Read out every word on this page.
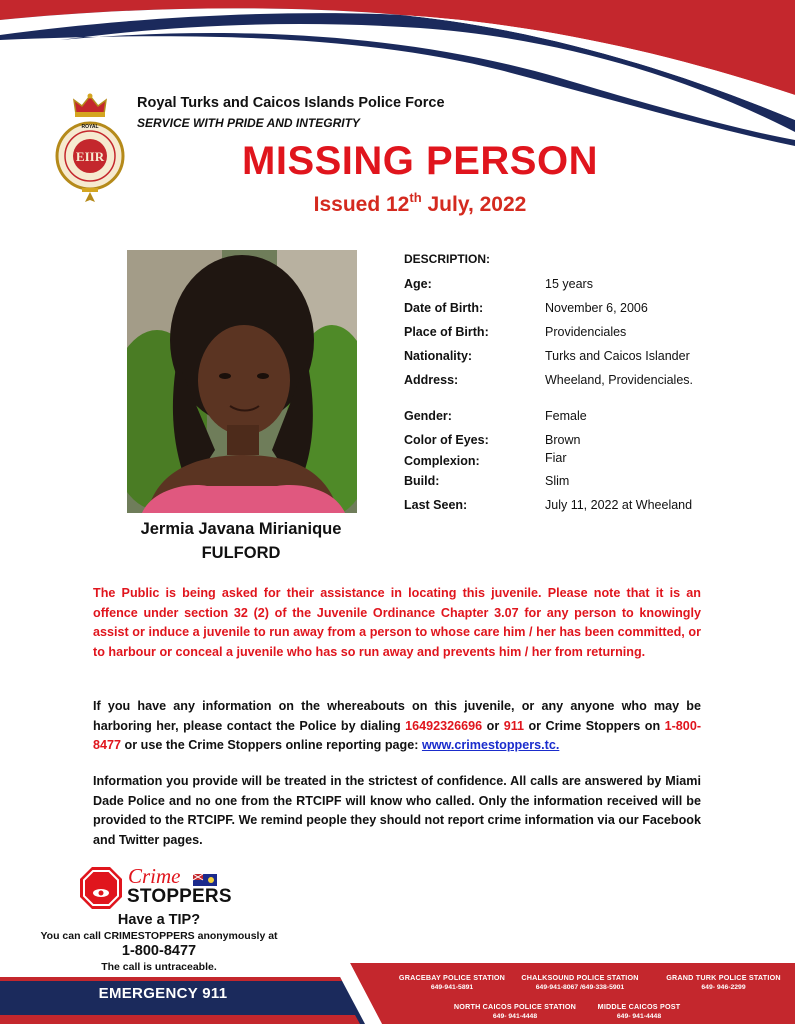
EIIR
ROYAL
Royal Turks and Caicos Islands Police Force
SERVICE WITH PRIDE AND INTEGRITY
MISSING PERSON
Issued 12th July, 2022
Jermia Javana Mirianique
FULFORD
DESCRIPTION:
Age:	15 years
Date of Birth:	November 6, 2006
Place of Birth:	Providenciales
Nationality:	Turks and Caicos Islander
Address:	Wheeland, Providenciales.
Gender:	Female
Color of Eyes:	Brown
Complexion:	Fiar
Build:	Slim
Last Seen:	July 11, 2022 at Wheeland

The Public is being asked for their assistance in locating this juvenile. Please note that it is an offence under section 32 (2) of the Juvenile Ordinance Chapter 3.07 for any person to knowingly assist or induce a juvenile to run away from a person to whose care him / her has been committed, or to harbour or conceal a juvenile who has so run away and prevents him / her from returning.

If you have any information on the whereabouts on this juvenile, or any anyone who may be harboring her, please contact the Police by dialing 16492326696 or 911 or Crime Stoppers on 1-800-8477 or use the Crime Stoppers online reporting page: www.crimestoppers.tc.

Information you provide will be treated in the strictest of confidence. All calls are answered by Miami Dade Police and no one from the RTCIPF will know who called. Only the information received will be provided to the RTCIPF. We remind people they should not report crime information via our Facebook and Twitter pages.

Crime
STOPPERS
Have a TIP?
You can call CRIMESTOPPERS anonymously at
1-800-8477
The call is untraceable.
EMERGENCY 911
GRACEBAY POLICE STATION
649-941-5891
CHALKSOUND POLICE STATION
649-941-8067 /649-338-5901
GRAND TURK POLICE STATION
649- 946-2299
NORTH CAICOS POLICE STATION
649- 941-4448
MIDDLE CAICOS POST
649- 941-4448
